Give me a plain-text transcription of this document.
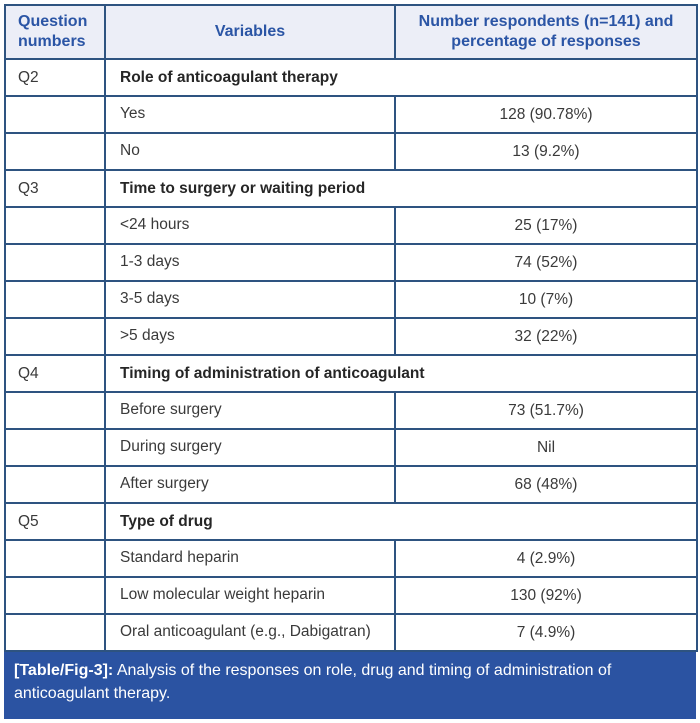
Question numbers	Variables	Number respondents (n=141) and percentage of responses
Q2	Role of anticoagulant therapy	
	Yes	128 (90.78%)
	No	13 (9.2%)
Q3	Time to surgery or waiting period	
	<24 hours	25 (17%)
	1-3 days	74 (52%)
	3-5 days	10 (7%)
	>5 days	32 (22%)
Q4	Timing of administration of anticoagulant	
	Before surgery	73 (51.7%)
	During surgery	Nil
	After surgery	68 (48%)
Q5	Type of drug	
	Standard heparin	4 (2.9%)
	Low molecular weight heparin	130 (92%)
	Oral anticoagulant (e.g., Dabigatran)	7 (4.9%)
[Table/Fig-3]: Analysis of the responses on role, drug and timing of administration of anticoagulant therapy.
